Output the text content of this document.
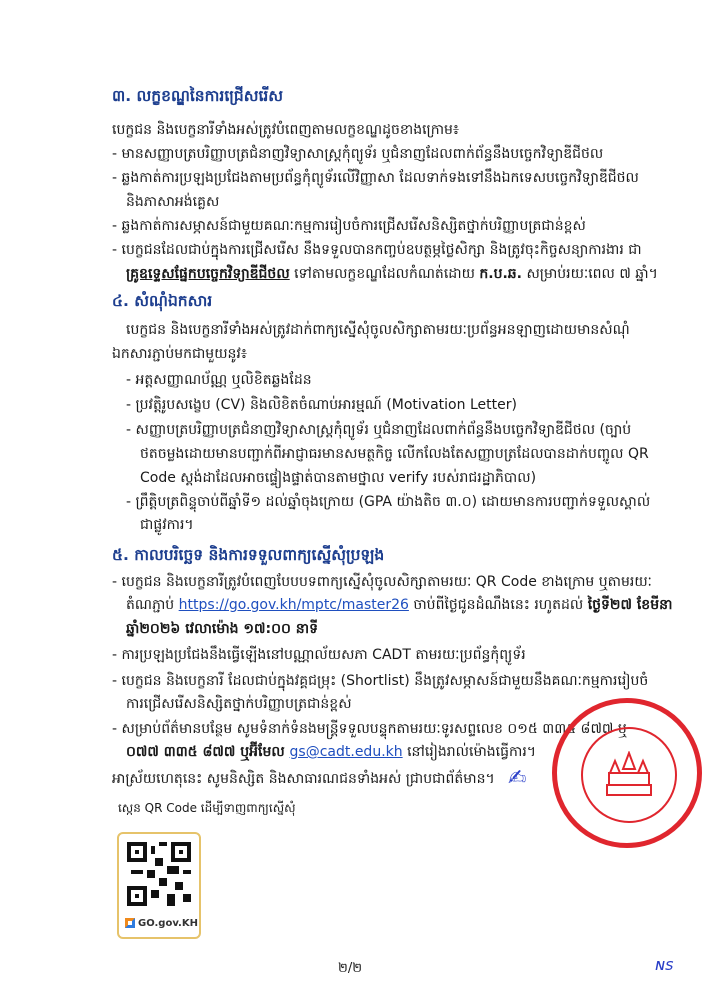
៣. លក្ខខណ្ឌនៃការជ្រើសរើស
បេក្ខជន និងបេក្ខនារីទាំងអស់ត្រូវបំពេញតាមលក្ខខណ្ឌដូចខាងក្រោម៖
- មានសញ្ញាបត្របរិញ្ញាបត្រជំនាញវិទ្យាសាស្ត្រកុំព្យូទ័រ ឬជំនាញដែលពាក់ព័ន្ធនឹងបច្ចេកវិទ្យាឌីជីថល
- ឆ្លងកាត់ការប្រឡងប្រជែងតាមប្រព័ន្ធកុំព្យូទ័រលើវិញ្ញាសា ដែលទាក់ទងទៅនឹងឯកទេសបច្ចេកវិទ្យាឌីជីថល
និងភាសាអង់គ្លេស
- ឆ្លងកាត់ការសម្ភាសន៍ជាមួយគណៈកម្មការរៀបចំការជ្រើសរើសនិស្សិតថ្នាក់បរិញ្ញាបត្រជាន់ខ្ពស់
- បេក្ខជនដែលជាប់ក្នុងការជ្រើសរើស នឹងទទួលបានកញ្ចប់ឧបត្ថម្ភថ្លៃសិក្សា និងត្រូវចុះកិច្ចសន្យាការងារ ជា
គ្រូឧទ្ទេសផ្នែកបច្ចេកវិទ្យាឌីជីថល ទៅតាមលក្ខខណ្ឌដែលកំណត់ដោយ ក.ប.ឆ. សម្រាប់រយៈពេល ៧ ឆ្នាំ។
៤. សំណុំឯកសារ
បេក្ខជន និងបេក្ខនារីទាំងអស់ត្រូវដាក់ពាក្យស្នើសុំចូលសិក្សាតាមរយៈប្រព័ន្ធអនឡាញដោយមានសំណុំ
ឯកសារភ្ជាប់មកជាមួយនូវ៖
- អត្តសញ្ញាណប័ណ្ណ ឬលិខិតឆ្លងដែន
- ប្រវត្តិរូបសង្ខេប (CV) និងលិខិតចំណាប់អារម្មណ៍ (Motivation Letter)
- សញ្ញាបត្របរិញ្ញាបត្រជំនាញវិទ្យាសាស្ត្រកុំព្យូទ័រ ឬជំនាញដែលពាក់ព័ន្ធនឹងបច្ចេកវិទ្យាឌីជីថល (ច្បាប់
ថតចម្លងដោយមានបញ្ជាក់ពីអាជ្ញាធរមានសមត្ថកិច្ច លើកលែងតែសញ្ញាបត្រដែលបានដាក់បញ្ចូល QR
Code ស្តង់ដាដែលអាចផ្ទៀងផ្ទាត់បានតាមថ្នាល verify របស់រាជរដ្ឋាភិបាល)
- ព្រឹត្តិបត្រពិន្ទុចាប់ពីឆ្នាំទី១ ដល់ឆ្នាំចុងក្រោយ (GPA យ៉ាងតិច ៣.០) ដោយមានការបញ្ជាក់ទទួលស្គាល់
ជាផ្លូវការ។
៥. កាលបរិច្ឆេទ និងការទទួលពាក្យស្នើសុំប្រឡង
- បេក្ខជន និងបេក្ខនារីត្រូវបំពេញបែបបទពាក្យស្នើសុំចូលសិក្សាតាមរយៈ QR Code ខាងក្រោម ឬតាមរយៈ
តំណភ្ជាប់ https://go.gov.kh/mptc/master26 ចាប់ពីថ្ងៃជូនដំណឹងនេះ រហូតដល់ ថ្ងៃទី២៧ ខែមីនា
ឆ្នាំ២០២៦ វេលាម៉ោង ១៧:០០ នាទី
- ការប្រឡងប្រជែងនឹងធ្វើឡើងនៅបណ្ណាល័យសភា CADT តាមរយៈប្រព័ន្ធកុំព្យូទ័រ
- បេក្ខជន និងបេក្ខនារី ដែលជាប់ក្នុងវគ្គជម្រុះ (Shortlist) នឹងត្រូវសម្ភាសន៍ជាមួយនឹងគណៈកម្មការរៀបចំ
ការជ្រើសរើសនិស្សិតថ្នាក់បរិញ្ញាបត្រជាន់ខ្ពស់
- សម្រាប់ព័ត៌មានបន្ថែម សូមទំនាក់ទំនងមន្ត្រីទទួលបន្ទុកតាមរយៈទូរសព្ទលេខ ០១៥ ៣៣៥ ៨៧៧ ឬ
០៧៧ ៣៣៥ ៨៧៧ ឬអ៊ីមែល gs@cadt.edu.kh នៅរៀងរាល់ម៉ោងធ្វើការ។
អាស្រ័យហេតុនេះ សូមនិស្សិត និងសាធារណជនទាំងអស់ ជ្រាបជាព័ត៌មាន។ ✍
ស្កេន QR Code ដើម្បីទាញពាក្យស្នើសុំ
GO.gov.KH
២/២	ɴs
